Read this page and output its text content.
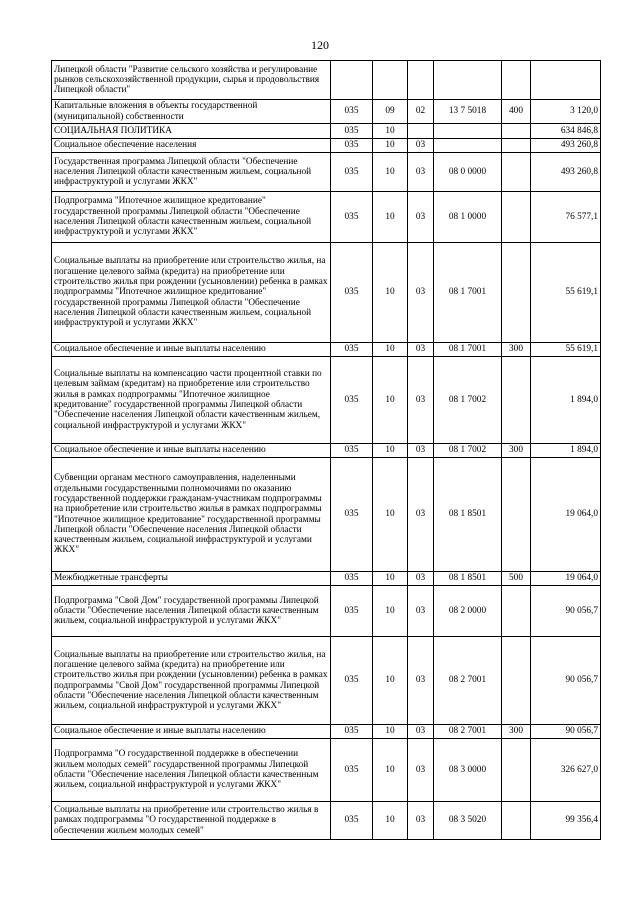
120
Липецкой области "Развитие сельского хозяйства и регулирование рынков сельскохозяйственной продукции, сырья и продовольствия Липецкой области"						
Капитальные вложения в объекты государственной (муниципальной) собственности	035	09	02	13 7 5018	400	3 120,0
СОЦИАЛЬНАЯ ПОЛИТИКА	035	10				634 846,8
Социальное обеспечение населения	035	10	03			493 260,8
Государственная программа Липецкой области "Обеспечение населения Липецкой области качественным жильем, социальной инфраструктурой и услугами ЖКХ"	035	10	03	08 0 0000		493 260,8
Подпрограмма "Ипотечное жилищное кредитование" государственной программы Липецкой области "Обеспечение населения Липецкой области качественным жильем, социальной инфраструктурой и услугами ЖКХ"	035	10	03	08 1 0000		76 577,1
Социальные выплаты на приобретение или строительство жилья, на погашение целевого займа (кредита) на приобретение или строительство жилья при рождении (усыновлении) ребенка в рамках подпрограммы "Ипотечное жилищное кредитование" государственной программы Липецкой области "Обеспечение населения Липецкой области качественным жильем, социальной инфраструктурой и услугами ЖКХ"	035	10	03	08 1 7001		55 619,1
Социальное обеспечение и иные выплаты населению	035	10	03	08 1 7001	300	55 619,1
Социальные выплаты на компенсацию части процентной ставки по целевым займам (кредитам) на приобретение или строительство жилья в рамках подпрограммы "Ипотечное жилищное кредитование" государственной программы Липецкой области "Обеспечение населения Липецкой области качественным жильем, социальной инфраструктурой и услугами ЖКХ"	035	10	03	08 1 7002		1 894,0
Социальное обеспечение и иные выплаты населению	035	10	03	08 1 7002	300	1 894,0
Субвенции органам местного самоуправления, наделенными отдельными государственными полномочиями по оказанию государственной поддержки гражданам-участникам подпрограммы на приобретение или строительство жилья в рамках подпрограммы "Ипотечное жилищное кредитование" государственной программы Липецкой области "Обеспечение населения Липецкой области качественным жильем, социальной инфраструктурой и услугами ЖКХ"	035	10	03	08 1 8501		19 064,0
Межбюджетные трансферты	035	10	03	08 1 8501	500	19 064,0
Подпрограмма "Свой Дом" государственной программы Липецкой области "Обеспечение населения Липецкой области качественным жильем, социальной инфраструктурой и услугами ЖКХ"	035	10	03	08 2 0000		90 056,7
Социальные выплаты на приобретение или строительство жилья, на погашение целевого займа (кредита) на приобретение или строительство жилья при рождении (усыновлении) ребенка в рамках подпрограммы "Свой Дом" государственной программы Липецкой области "Обеспечение населения Липецкой области качественным жильем, социальной инфраструктурой и услугами ЖКХ"	035	10	03	08 2 7001		90 056,7
Социальное обеспечение и иные выплаты населению	035	10	03	08 2 7001	300	90 056,7
Подпрограмма "О государственной поддержке в обеспечении жильем молодых семей" государственной программы Липецкой области "Обеспечение населения Липецкой области качественным жильем, социальной инфраструктурой и услугами ЖКХ"	035	10	03	08 3 0000		326 627,0
Социальные выплаты на приобретение или строительство жилья в рамках подпрограммы "О государственной поддержке в обеспечении жильем молодых семей"	035	10	03	08 3 5020		99 356,4
